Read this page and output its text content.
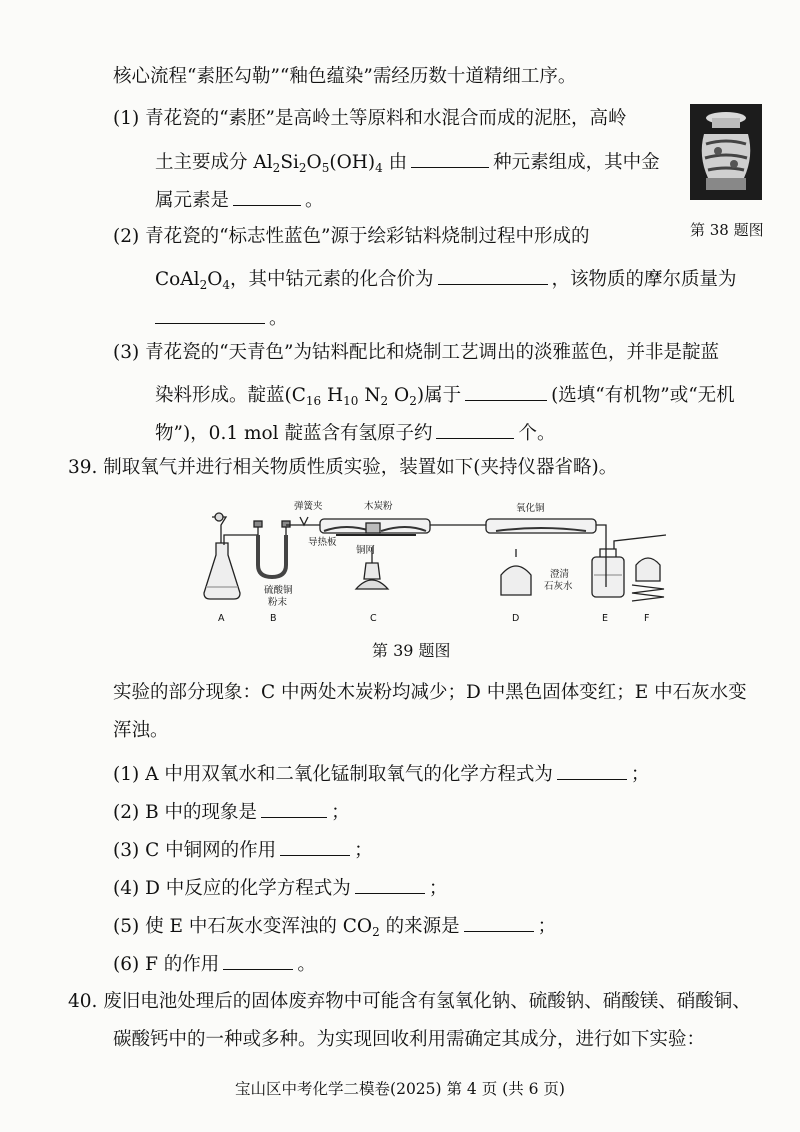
核心流程“素胚勾勒”“釉色蕴染”需经历数十道精细工序。
(1) 青花瓷的“素胚”是高岭土等原料和水混合而成的泥胚，高岭
土主要成分 $Al_2Si_2O_5(OH)_4$ 由	种元素组成，其中金
属元素是	。
第 38 题图
(2) 青花瓷的“标志性蓝色”源于绘彩钴料烧制过程中形成的
$CoAl_2O_4$，其中钴元素的化合价为	，该物质的摩尔质量为
。
(3) 青花瓷的“天青色”为钴料配比和烧制工艺调出的淡雅蓝色，并非是靛蓝
染料形成。靛蓝($C_{16}$ $H_{10}$ $N_2$ $O_2$)属于	(选填“有机物”或“无机
物”)，0.1 mol 靛蓝含有氢原子约	个。
39. 制取氧气并进行相关物质性质实验，装置如下(夹持仪器省略)。
弹簧夹	木炭粉	氧化铜
导热板
铜网
硫酸铜
粉末
澄清
石灰水
A	B	C	D	E	F
第 39 题图
实验的部分现象：C 中两处木炭粉均减少；D 中黑色固体变红；E 中石灰水变
浑浊。
(1) A 中用双氧水和二氧化锰制取氧气的化学方程式为	；
(2) B 中的现象是	；
(3) C 中铜网的作用	；
(4) D 中反应的化学方程式为	；
(5) 使 E 中石灰水变浑浊的 $CO_2$ 的来源是	；
(6) F 的作用	。
40. 废旧电池处理后的固体废弃物中可能含有氢氧化钠、硫酸钠、硝酸镁、硝酸铜、
碳酸钙中的一种或多种。为实现回收利用需确定其成分，进行如下实验：
宝山区中考化学二模卷(2025) 第 4 页 (共 6 页)
